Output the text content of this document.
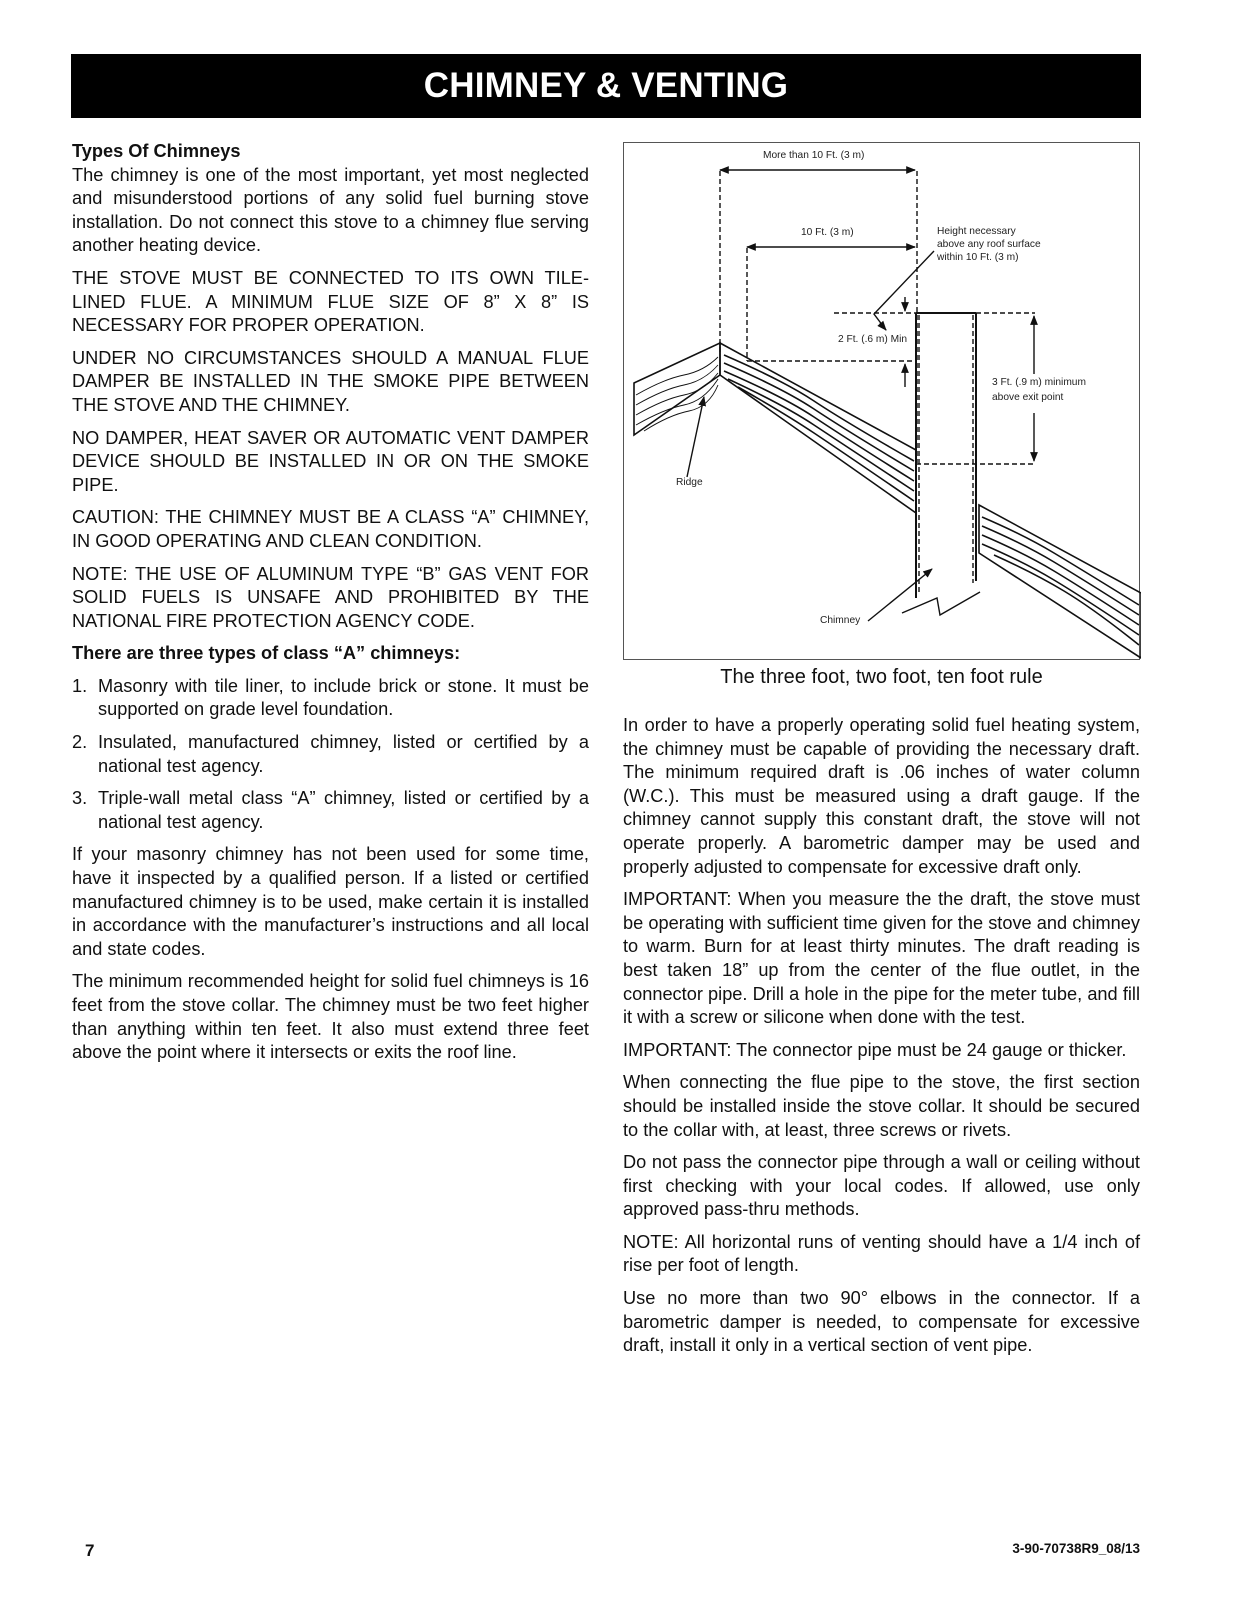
CHIMNEY & VENTING
Types Of Chimneys

The chimney is one of the most important, yet most neglected and misunderstood portions of any solid fuel burning stove installation. Do not connect this stove to a chimney flue serving another heating device.

THE STOVE MUST BE CONNECTED TO ITS OWN TILE-LINED FLUE. A MINIMUM FLUE SIZE OF 8” X 8” IS NECESSARY FOR PROPER OPERATION.

UNDER NO CIRCUMSTANCES SHOULD A MANUAL FLUE DAMPER BE INSTALLED IN THE SMOKE PIPE BETWEEN THE STOVE AND THE CHIMNEY.

NO DAMPER, HEAT SAVER OR AUTOMATIC VENT DAMPER DEVICE SHOULD BE INSTALLED IN OR ON THE SMOKE PIPE.

CAUTION: THE CHIMNEY MUST BE A CLASS “A” CHIMNEY, IN GOOD OPERATING AND CLEAN CONDITION.

NOTE: THE USE OF ALUMINUM TYPE “B” GAS VENT FOR SOLID FUELS IS UNSAFE AND PROHIBITED BY THE NATIONAL FIRE PROTECTION AGENCY CODE.

There are three types of class “A” chimneys:
1. Masonry with tile liner, to include brick or stone. It must be supported on grade level foundation.
2. Insulated, manufactured chimney, listed or certified by a national test agency.
3. Triple-wall metal class “A” chimney, listed or certified by a national test agency.

If your masonry chimney has not been used for some time, have it inspected by a qualified person. If a listed or certified manufactured chimney is to be used, make certain it is installed in accordance with the manufacturer’s instructions and all local and state codes.

The minimum recommended height for solid fuel chimneys is 16 feet from the stove collar. The chimney must be two feet higher than anything within ten feet. It also must extend three feet above the point where it intersects or exits the roof line.

More than 10 Ft. (3 m)
10 Ft. (3 m)	Height necessary
above any roof surface
within 10 Ft. (3 m)
2 Ft. (.6 m) Min
3 Ft. (.9 m) minimum
above exit point
Ridge
Chimney
The three foot, two foot, ten foot rule

In order to have a properly operating solid fuel heating system, the chimney must be capable of providing the necessary draft. The minimum required draft is .06 inches of water column (W.C.). This must be measured using a draft gauge. If the chimney cannot supply this constant draft, the stove will not operate properly. A barometric damper may be used and properly adjusted to compensate for excessive draft only.

IMPORTANT: When you measure the the draft, the stove must be operating with sufficient time given for the stove and chimney to warm. Burn for at least thirty minutes. The draft reading is best taken 18” up from the center of the flue outlet, in the connector pipe. Drill a hole in the pipe for the meter tube, and fill it with a screw or silicone when done with the test.

IMPORTANT: The connector pipe must be 24 gauge or thicker.

When connecting the flue pipe to the stove, the first section should be installed inside the stove collar. It should be secured to the collar with, at least, three screws or rivets.

Do not pass the connector pipe through a wall or ceiling without first checking with your local codes. If allowed, use only approved pass-thru methods.

NOTE: All horizontal runs of venting should have a 1/4 inch of rise per foot of length.

Use no more than two 90° elbows in the connector. If a barometric damper is needed, to compensate for excessive draft, install it only in a vertical section of vent pipe.

7	3-90-70738R9_08/13
